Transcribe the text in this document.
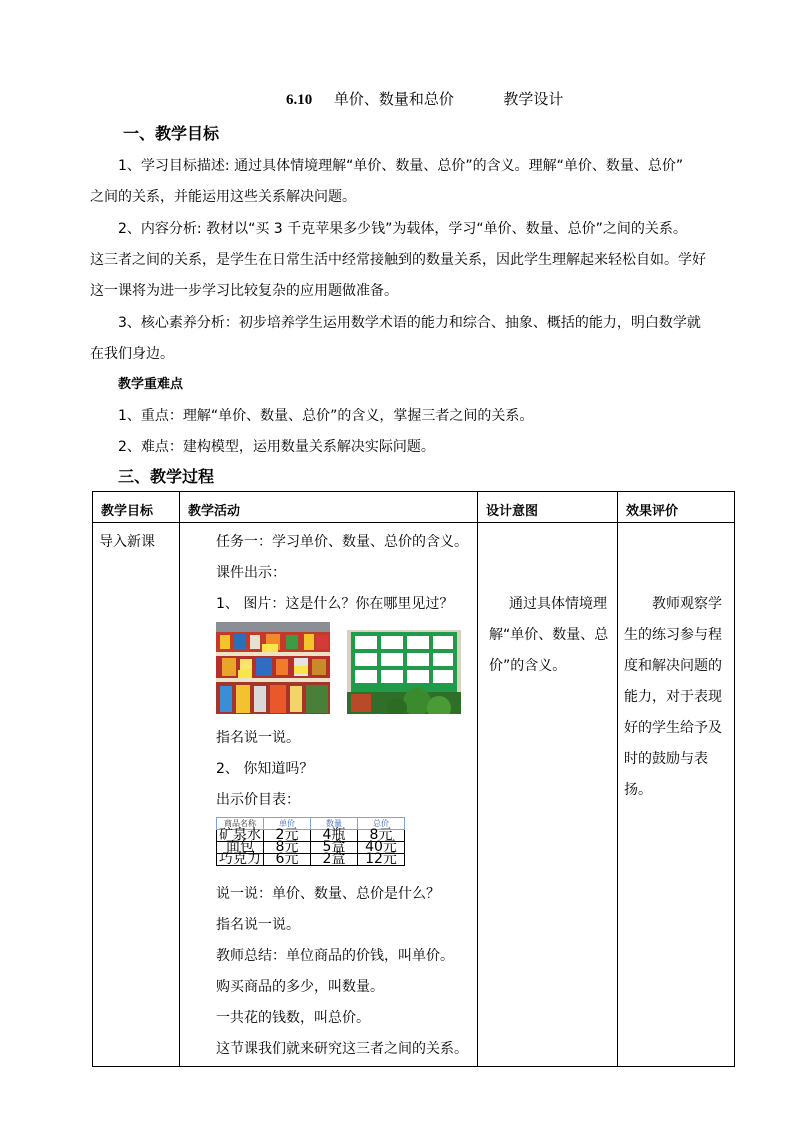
6.10 单价、数量和总价	教学设计
一、教学目标
1、学习目标描述: 通过具体情境理解“单价、数量、总价”的含义。理解“单价、数量、总价”
之间的关系，并能运用这些关系解决问题。
2、内容分析: 教材以“买 3 千克苹果多少钱”为载体，学习“单价、数量、总价”之间的关系。
这三者之间的关系，是学生在日常生活中经常接触到的数量关系，因此学生理解起来轻松自如。学好
这一课将为进一步学习比较复杂的应用题做准备。
3、核心素养分析：初步培养学生运用数学术语的能力和综合、抽象、概括的能力，明白数学就
在我们身边。
教学重难点
1、重点：理解“单价、数量、总价”的含义，掌握三者之间的关系。
2、难点：建构模型，运用数量关系解决实际问题。
三、教学过程
教学目标	教学活动	设计意图	效果评价

导入新课	任务一：学习单价、数量、总价的含义。
课件出示：
1、 图片：这是什么？你在哪里见过？
指名说一说。
2、 你知道吗？
出示价目表：
商品名称	单价	数量	总价
矿泉水	2元	4瓶	8元
面包	8元	5盒	40元
巧克力	6元	2盒	12元
说一说：单价、数量、总价是什么？
指名说一说。
教师总结：单位商品的价钱，叫单价。
购买商品的多少，叫数量。
一共花的钱数，叫总价。
这节课我们就来研究这三者之间的关系。

通过具体情境理解“单价、数量、总价”的含义。

教师观察学生的练习参与程度和解决问题的能力，对于表现好的学生给予及时的鼓励与表扬。
